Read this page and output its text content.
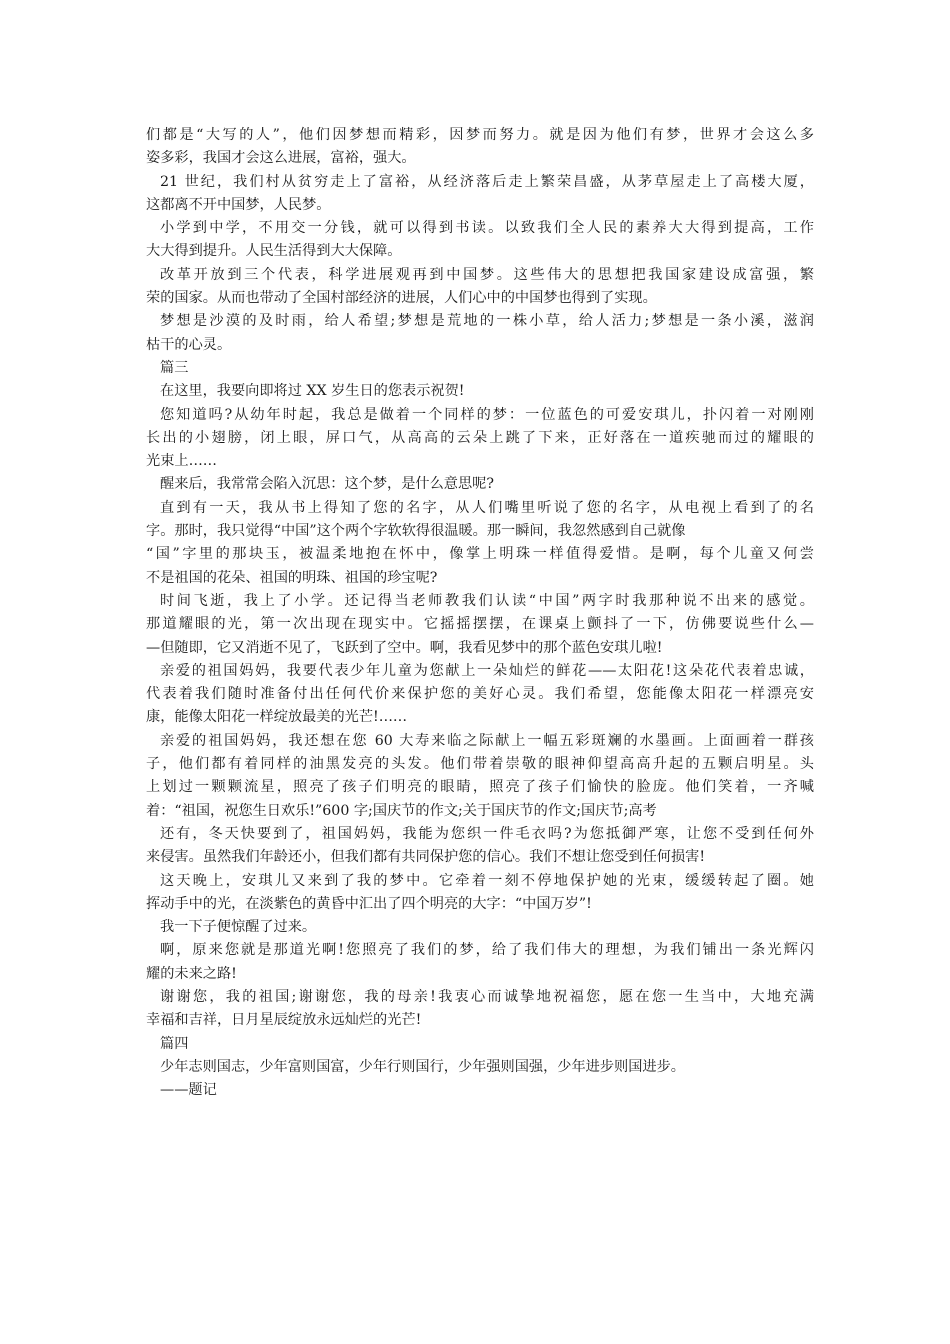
们都是“大写的人”，他们因梦想而精彩，因梦而努力。就是因为他们有梦，世界才会这么多
姿多彩，我国才会这么进展，富裕，强大。
21 世纪，我们村从贫穷走上了富裕，从经济落后走上繁荣昌盛，从茅草屋走上了高楼大厦，
这都离不开中国梦，人民梦。
小学到中学，不用交一分钱，就可以得到书读。以致我们全人民的素养大大得到提高，工作
大大得到提升。人民生活得到大大保障。
改革开放到三个代表，科学进展观再到中国梦。这些伟大的思想把我国家建设成富强，繁
荣的国家。从而也带动了全国村部经济的进展，人们心中的中国梦也得到了实现。
梦想是沙漠的及时雨，给人希望;梦想是荒地的一株小草，给人活力;梦想是一条小溪，滋润
枯干的心灵。
篇三
在这里，我要向即将过 XX 岁生日的您表示祝贺!
您知道吗?从幼年时起，我总是做着一个同样的梦：一位蓝色的可爱安琪儿，扑闪着一对刚刚
长出的小翅膀，闭上眼，屏口气，从高高的云朵上跳了下来，正好落在一道疾驰而过的耀眼的
光束上……
醒来后，我常常会陷入沉思：这个梦，是什么意思呢?
直到有一天，我从书上得知了您的名字，从人们嘴里听说了您的名字，从电视上看到了的名
字。那时，我只觉得“中国”这个两个字软软得很温暖。那一瞬间，我忽然感到自己就像
“国”字里的那块玉，被温柔地抱在怀中，像掌上明珠一样值得爱惜。是啊，每个儿童又何尝
不是祖国的花朵、祖国的明珠、祖国的珍宝呢?
时间飞逝，我上了小学。还记得当老师教我们认读“中国”两字时我那种说不出来的感觉。
那道耀眼的光，第一次出现在现实中。它摇摇摆摆，在课桌上颤抖了一下，仿佛要说些什么—
—但随即，它又消逝不见了，飞跃到了空中。啊，我看见梦中的那个蓝色安琪儿啦!
亲爱的祖国妈妈，我要代表少年儿童为您献上一朵灿烂的鲜花——太阳花!这朵花代表着忠诚，
代表着我们随时准备付出任何代价来保护您的美好心灵。我们希望，您能像太阳花一样漂亮安
康，能像太阳花一样绽放最美的光芒!……
亲爱的祖国妈妈，我还想在您 60 大寿来临之际献上一幅五彩斑斓的水墨画。上面画着一群孩
子，他们都有着同样的油黑发亮的头发。他们带着崇敬的眼神仰望高高升起的五颗启明星。头
上划过一颗颗流星，照亮了孩子们明亮的眼睛，照亮了孩子们愉快的脸庞。他们笑着，一齐喊
着：“祖国，祝您生日欢乐!”600 字;国庆节的作文;关于国庆节的作文;国庆节;高考
还有，冬天快要到了，祖国妈妈，我能为您织一件毛衣吗?为您抵御严寒，让您不受到任何外
来侵害。虽然我们年龄还小，但我们都有共同保护您的信心。我们不想让您受到任何损害!
这天晚上，安琪儿又来到了我的梦中。它牵着一刻不停地保护她的光束，缓缓转起了圈。她
挥动手中的光，在淡紫色的黄昏中汇出了四个明亮的大字：“中国万岁”!
我一下子便惊醒了过来。
啊，原来您就是那道光啊!您照亮了我们的梦，给了我们伟大的理想，为我们铺出一条光辉闪
耀的未来之路!
谢谢您，我的祖国;谢谢您，我的母亲!我衷心而诚挚地祝福您，愿在您一生当中，大地充满
幸福和吉祥，日月星辰绽放永远灿烂的光芒!
篇四
少年志则国志，少年富则国富，少年行则国行，少年强则国强，少年进步则国进步。
——题记
